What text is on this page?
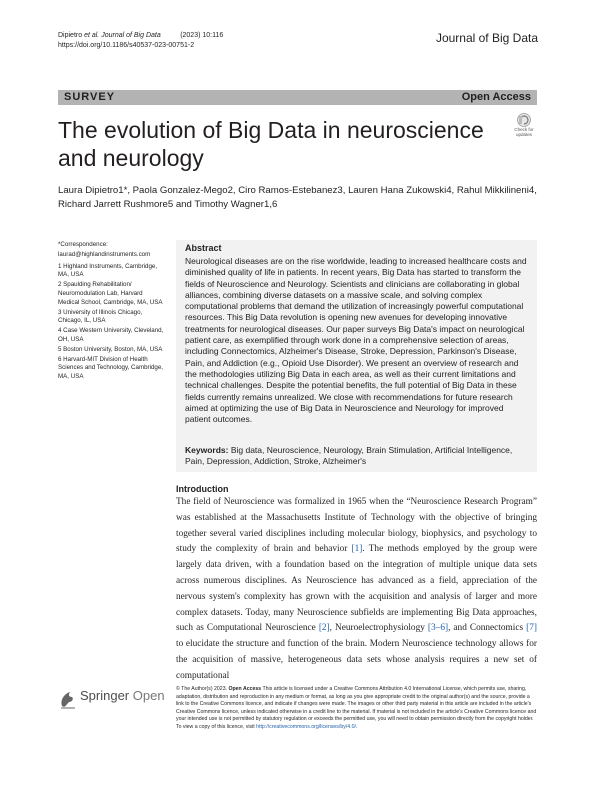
Dipietro et al. Journal of Big Data	(2023) 10:116
https://doi.org/10.1186/s40537-023-00751-2
Journal of Big Data
SURVEY	Open Access
The evolution of Big Data in neuroscience and neurology
Check for
updates
Laura Dipietro1*, Paola Gonzalez‑Mego2, Ciro Ramos‑Estebanez3, Lauren Hana Zukowski4, Rahul Mikkilineni4, Richard Jarrett Rushmore5 and Timothy Wagner1,6
*Correspondence:
laurad@highlandinstruments.com
1 Highland Instruments, Cambridge, MA, USA
2 Spaulding Rehabilitation/ Neuromodulation Lab, Harvard Medical School, Cambridge, MA, USA
3 University of Illinois Chicago, Chicago, IL, USA
4 Case Western University, Cleveland, OH, USA
5 Boston University, Boston, MA, USA
6 Harvard-MIT Division of Health Sciences and Technology, Cambridge, MA, USA
Abstract
Neurological diseases are on the rise worldwide, leading to increased healthcare costs and diminished quality of life in patients. In recent years, Big Data has started to transform the fields of Neuroscience and Neurology. Scientists and clinicians are collaborating in global alliances, combining diverse datasets on a massive scale, and solving complex computational problems that demand the utilization of increasingly powerful computational resources. This Big Data revolution is opening new avenues for developing innovative treatments for neurological diseases. Our paper surveys Big Data's impact on neurological patient care, as exemplified through work done in a comprehensive selection of areas, including Connectomics, Alzheimer's Disease, Stroke, Depression, Parkinson's Disease, Pain, and Addiction (e.g., Opioid Use Disorder). We present an overview of research and the methodologies utilizing Big Data in each area, as well as their current limitations and technical challenges. Despite the potential benefits, the full potential of Big Data in these fields currently remains unrealized. We close with recommendations for future research aimed at optimizing the use of Big Data in Neuroscience and Neurology for improved patient outcomes.
Keywords: Big data, Neuroscience, Neurology, Brain Stimulation, Artificial Intelligence, Pain, Depression, Addiction, Stroke, Alzheimer's
Introduction
The field of Neuroscience was formalized in 1965 when the “Neuroscience Research Program” was established at the Massachusetts Institute of Technology with the objective of bringing together several varied disciplines including molecular biology, biophysics, and psychology to study the complexity of brain and behavior [1]. The methods employed by the group were largely data driven, with a foundation based on the integration of multiple unique data sets across numerous disciplines. As Neuroscience has advanced as a field, appreciation of the nervous system's complexity has grown with the acquisition and analysis of larger and more complex datasets. Today, many Neuroscience subfields are implementing Big Data approaches, such as Computational Neuroscience [2], Neuroelectrophysiology [3–6], and Connectomics [7] to elucidate the structure and function of the brain. Modern Neuroscience technology allows for the acquisition of massive, heterogeneous data sets whose analysis requires a new set of computational
Springer Open © The Author(s) 2023. Open Access This article is licensed under a Creative Commons Attribution 4.0 International License, which permits use, sharing, adaptation, distribution and reproduction in any medium or format, as long as you give appropriate credit to the original author(s) and the source, provide a link to the Creative Commons licence, and indicate if changes were made. The images or other third party material in this article are included in the article's Creative Commons licence, unless indicated otherwise in a credit line to the material. If material is not included in the article's Creative Commons licence and your intended use is not permitted by statutory regulation or exceeds the permitted use, you will need to obtain permission directly from the copyright holder. To view a copy of this licence, visit http://creativecommons.org/licenses/by/4.0/.
